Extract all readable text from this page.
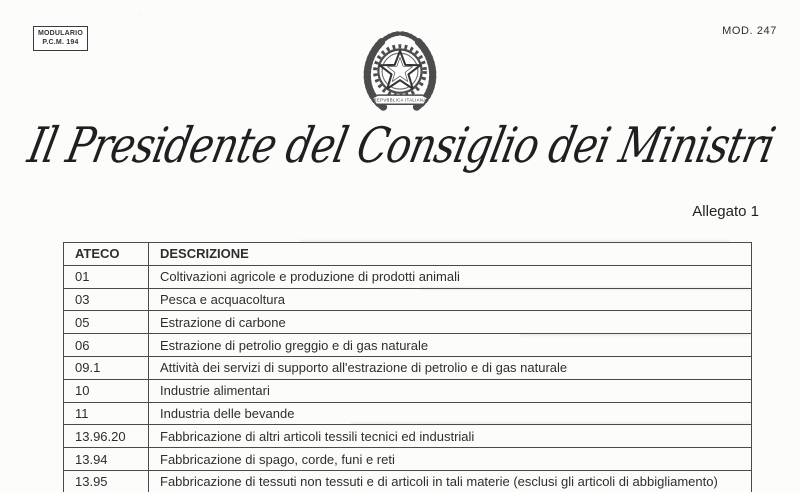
MODULARIO
P.C.M. 194
MOD. 247
REPVBBLICA ITALIANA
Il Presidente del Consiglio dei Ministri
Allegato 1
ATECO	DESCRIZIONE
01	Coltivazioni agricole e produzione di prodotti animali
03	Pesca e acquacoltura
05	Estrazione di carbone
06	Estrazione di petrolio greggio e di gas naturale
09.1	Attività dei servizi di supporto all'estrazione di petrolio e di gas naturale
10	Industrie alimentari
11	Industria delle bevande
13.96.20	Fabbricazione di altri articoli tessili tecnici ed industriali
13.94	Fabbricazione di spago, corde, funi e reti
13.95	Fabbricazione di tessuti non tessuti e di articoli in tali materie (esclusi gli articoli di abbigliamento)
